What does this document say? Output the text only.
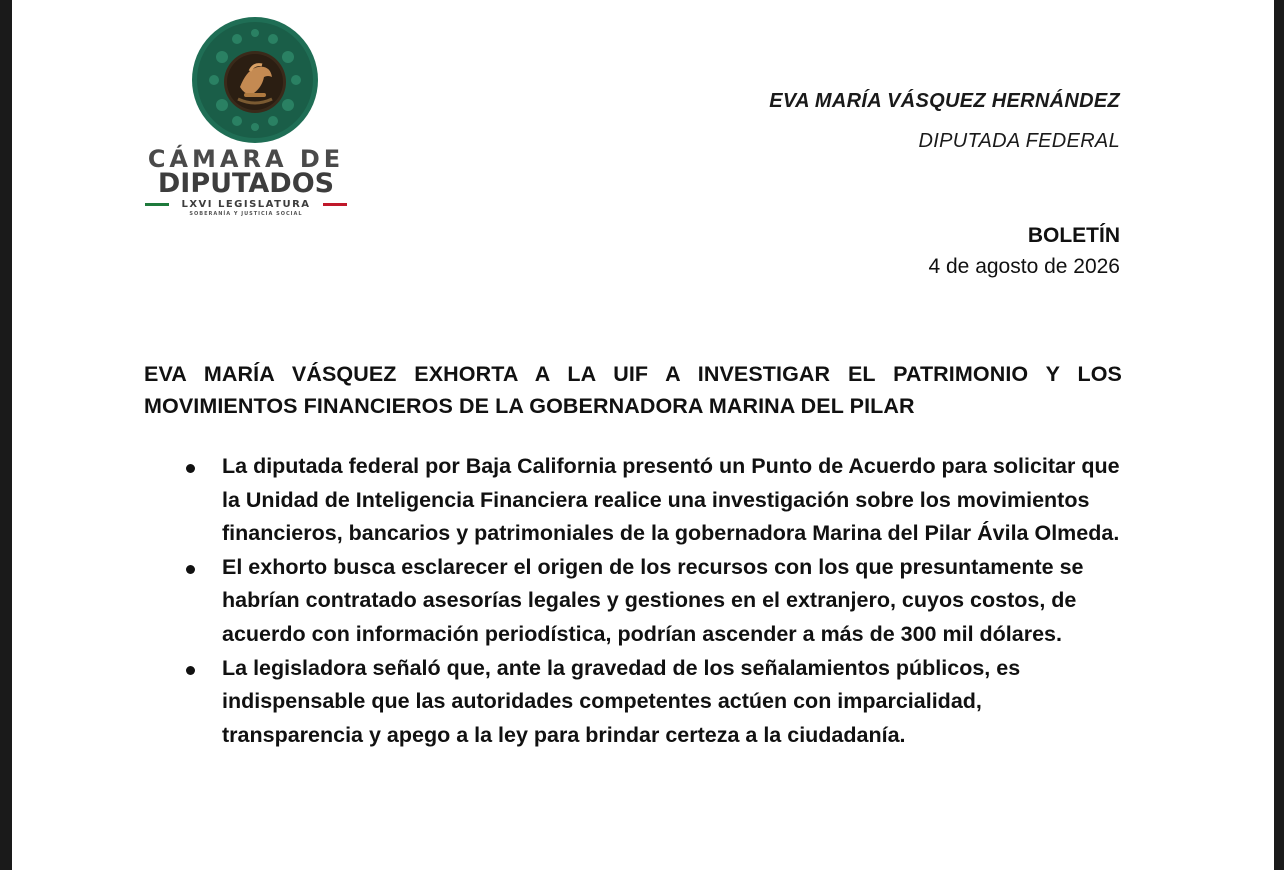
CÁMARA DE
DIPUTADOS
LXVI LEGISLATURA
SOBERANÍA Y JUSTICIA SOCIAL
EVA MARÍA VÁSQUEZ HERNÁNDEZ
DIPUTADA FEDERAL
BOLETÍN
4 de agosto de 2026
EVA MARÍA VÁSQUEZ EXHORTA A LA UIF A INVESTIGAR EL PATRIMONIO Y LOS MOVIMIENTOS FINANCIEROS DE LA GOBERNADORA MARINA DEL PILAR
La diputada federal por Baja California presentó un Punto de Acuerdo para solicitar que la Unidad de Inteligencia Financiera realice una investigación sobre los movimientos financieros, bancarios y patrimoniales de la gobernadora Marina del Pilar Ávila Olmeda.
El exhorto busca esclarecer el origen de los recursos con los que presuntamente se habrían contratado asesorías legales y gestiones en el extranjero, cuyos costos, de acuerdo con información periodística, podrían ascender a más de 300 mil dólares.
La legisladora señaló que, ante la gravedad de los señalamientos públicos, es indispensable que las autoridades competentes actúen con imparcialidad, transparencia y apego a la ley para brindar certeza a la ciudadanía.
